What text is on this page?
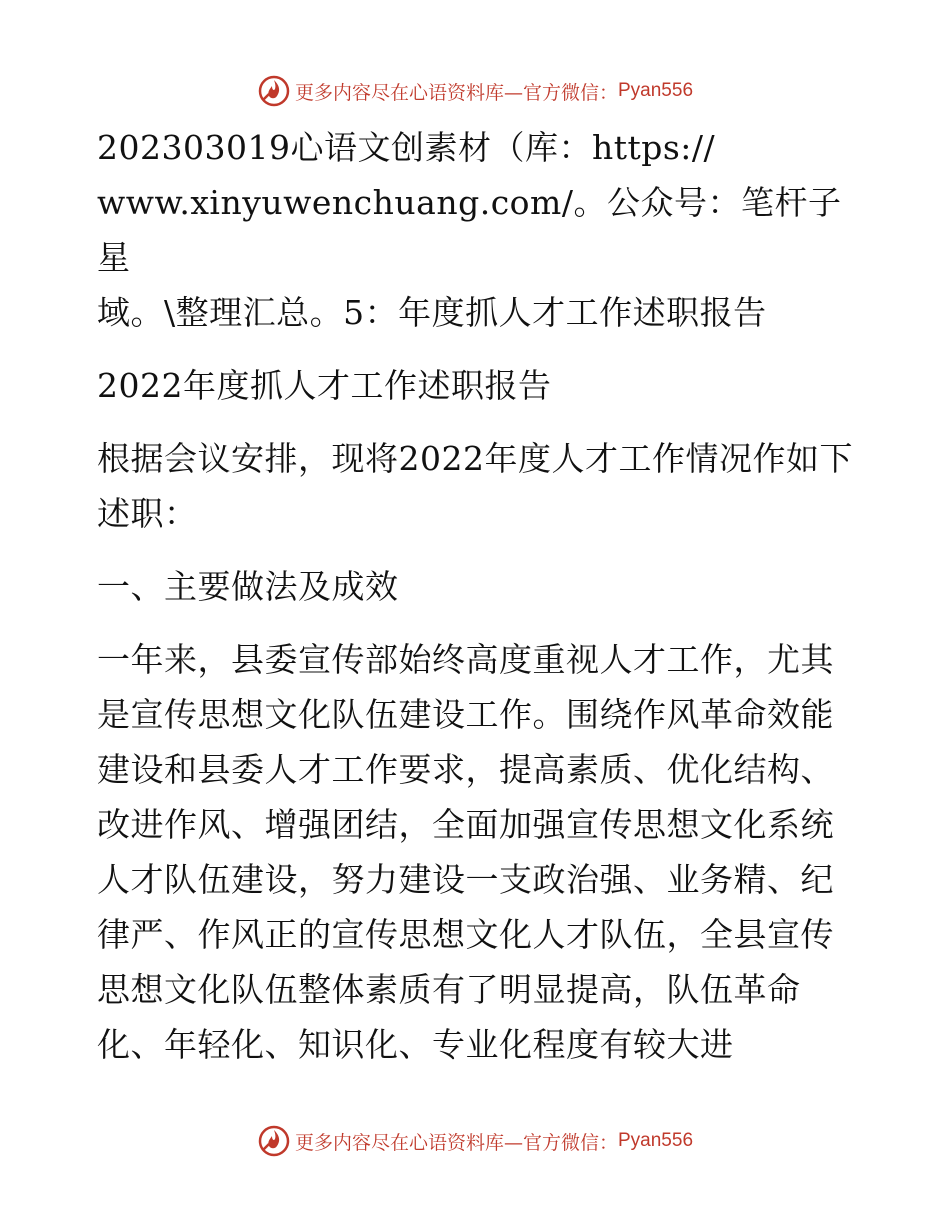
更多内容尽在心语资料库—官方微信： Pyan556

202303019心语文创素材（库：https://

www.xinyuwenchuang.com/。公众号：笔杆子星

域。\整理汇总。5：年度抓人才工作述职报告

2022年度抓人才工作述职报告

根据会议安排，现将2022年度人才工作情况作如下述职：

一、主要做法及成效

一年来，县委宣传部始终高度重视人才工作，尤其是宣传思想文化队伍建设工作。围绕作风革命效能建设和县委人才工作要求，提高素质、优化结构、改进作风、增强团结，全面加强宣传思想文化系统人才队伍建设，努力建设一支政治强、业务精、纪律严、作风正的宣传思想文化人才队伍，全县宣传思想文化队伍整体素质有了明显提高，队伍革命化、年轻化、知识化、专业化程度有较大进

更多内容尽在心语资料库—官方微信： Pyan556
